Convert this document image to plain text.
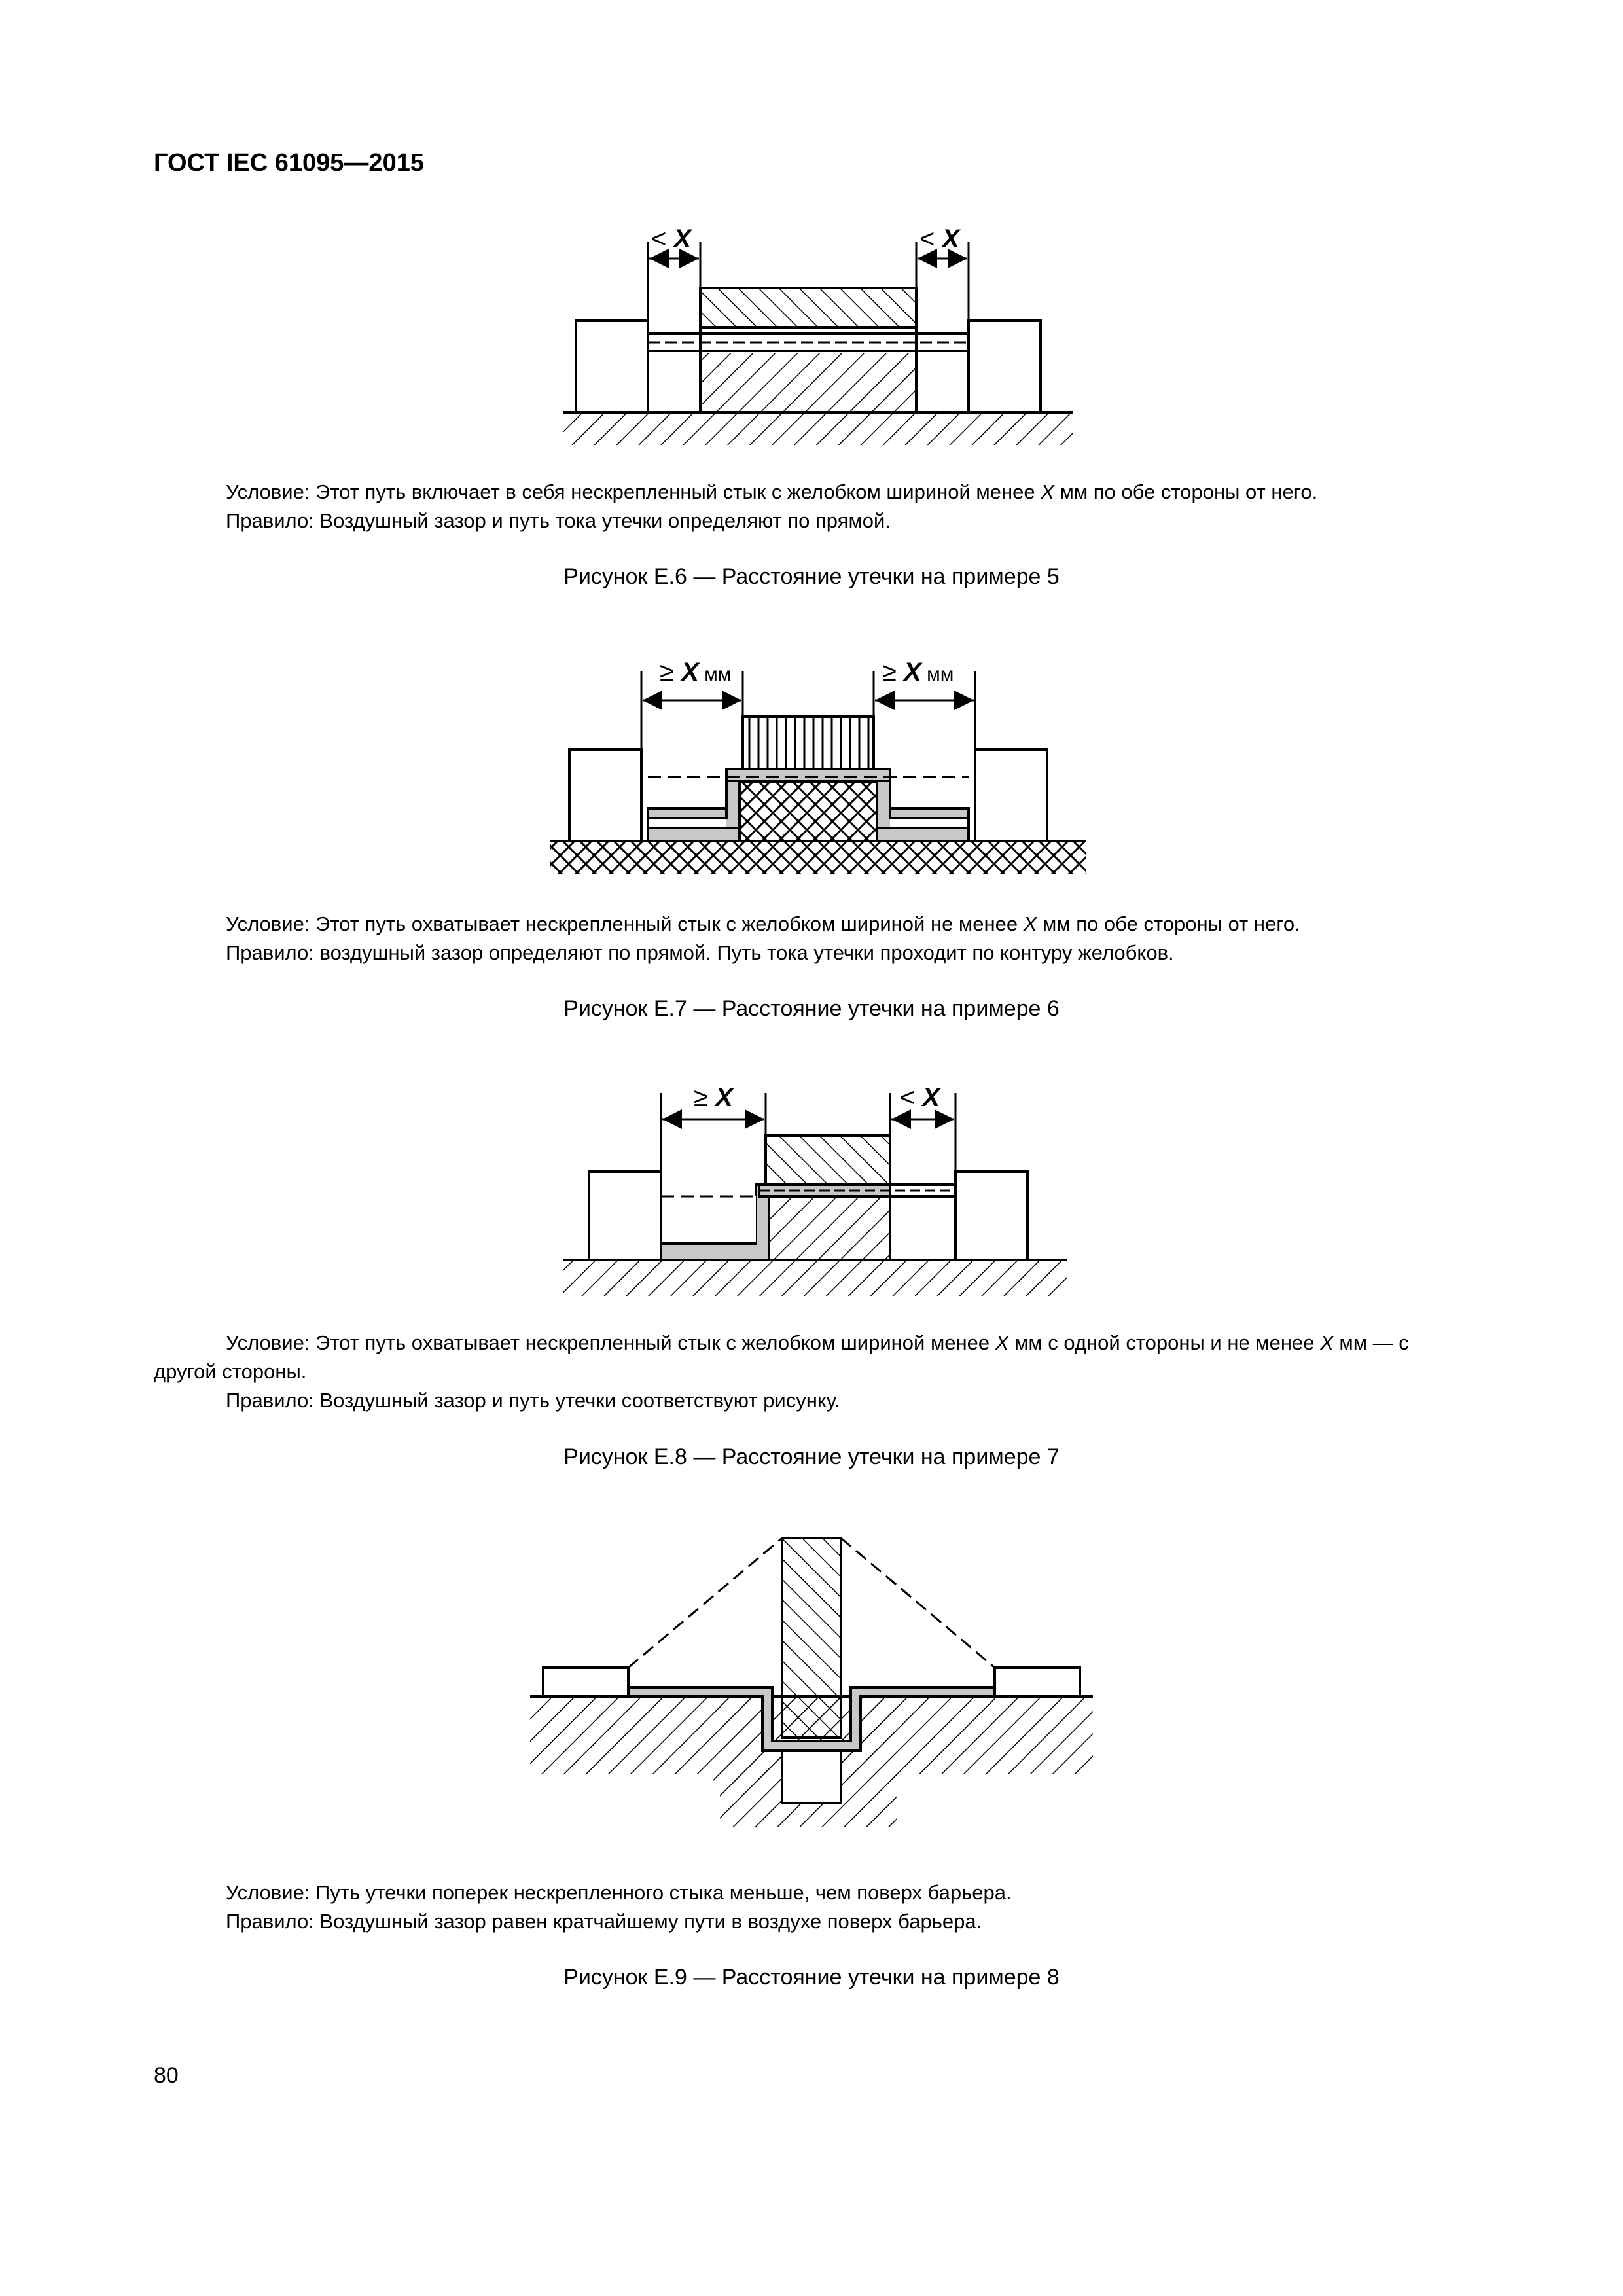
ГОСТ IEC 61095—2015
< X	< X

Условие: Этот путь включает в себя нескрепленный стык с желобком шириной менее X мм по обе стороны от него.

Правило: Воздушный зазор и путь тока утечки определяют по прямой.

Рисунок E.6 — Расстояние утечки на примере 5
≥ X мм	≥ X мм

Условие: Этот путь охватывает нескрепленный стык с желобком шириной не менее X мм по обе стороны от него.

Правило: воздушный зазор определяют по прямой. Путь тока утечки проходит по контуру желобков.

Рисунок E.7 — Расстояние утечки на примере 6
≥ X	< X

Условие: Этот путь охватывает нескрепленный стык с желобком шириной менее X мм с одной стороны и не менее X мм — с другой стороны.

Правило: Воздушный зазор и путь утечки соответствуют рисунку.

Рисунок E.8 — Расстояние утечки на примере 7

Условие: Путь утечки поперек нескрепленного стыка меньше, чем поверх барьера.

Правило: Воздушный зазор равен кратчайшему пути в воздухе поверх барьера.

Рисунок E.9 — Расстояние утечки на примере 8
80
